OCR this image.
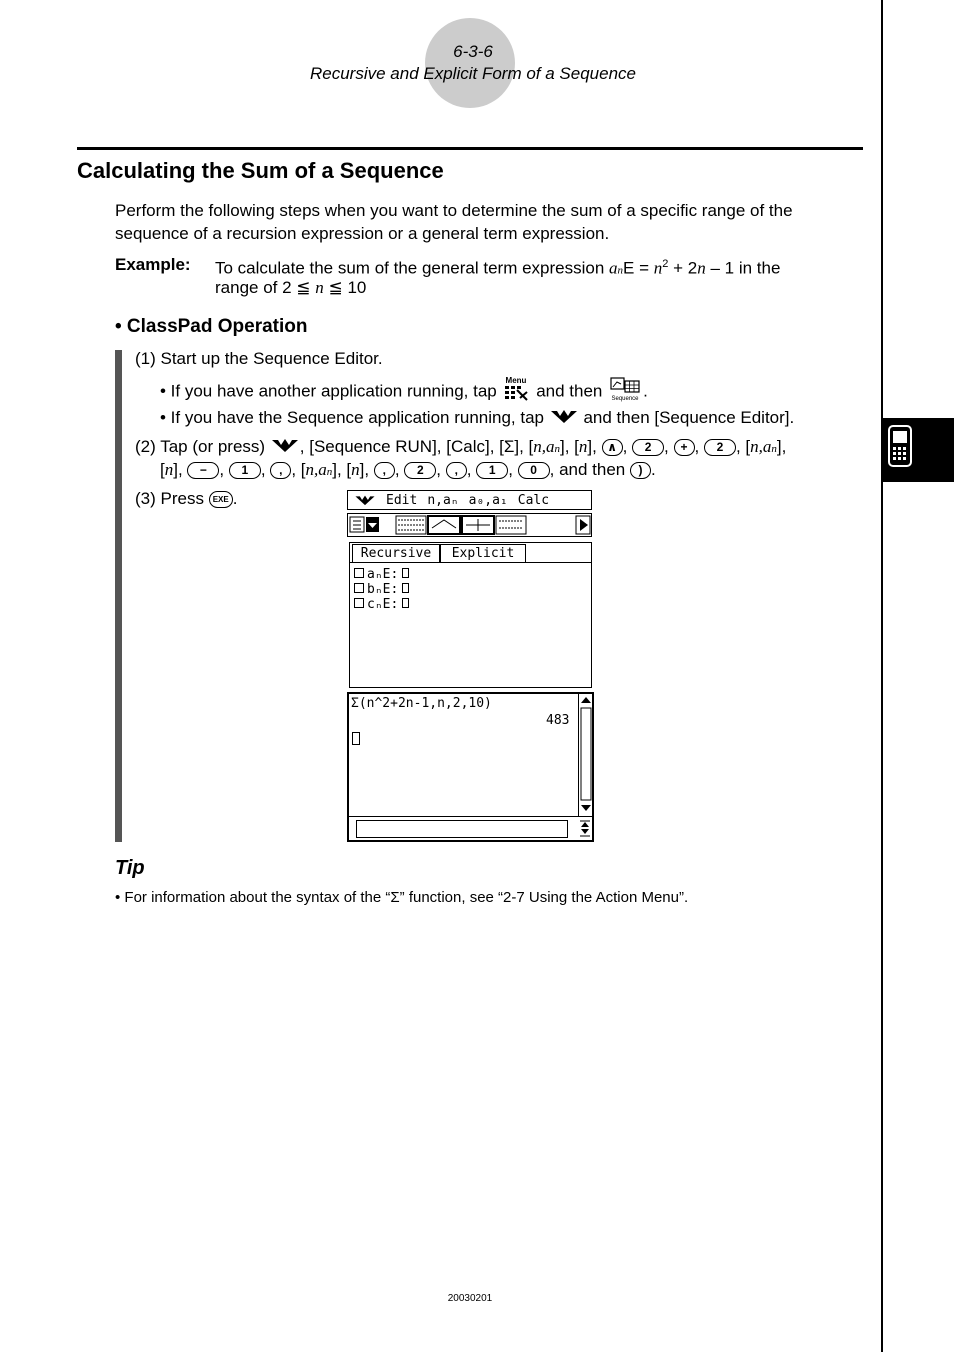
6-3-6
Recursive and Explicit Form of a Sequence
Calculating the Sum of a Sequence
Perform the following steps when you want to determine the sum of a specific range of the
sequence of a recursion expression or a general term expression.
Example: To calculate the sum of the general term expression anE = $n^2 + 2n - 1$ in the
range of 2 ≦ n ≦ 10
• ClassPad Operation
(1) Start up the Sequence Editor.
• If you have another application running, tap
Menu
and then Sequence .
• If you have the Sequence application running, tap  and then [Sequence Editor].
(2) Tap (or press) , [Sequence RUN], [Calc], [Σ], [n,an], [n], ∧ , 2 , + , 2 , [n,an],
[n], − , 1 , , , [n,an], [n], , , 2 , , , 1 , 0 , and then ) .
(3) Press EXE .	Edit n,aₙ a₀,a₁ Calc
Recursive	Explicit
aₙE:
bₙE:
cₙE:
Σ(n^2+2n-1,n,2,10)
483
Tip
• For information about the syntax of the “Σ” function, see “2-7 Using the Action Menu”.
20030201
